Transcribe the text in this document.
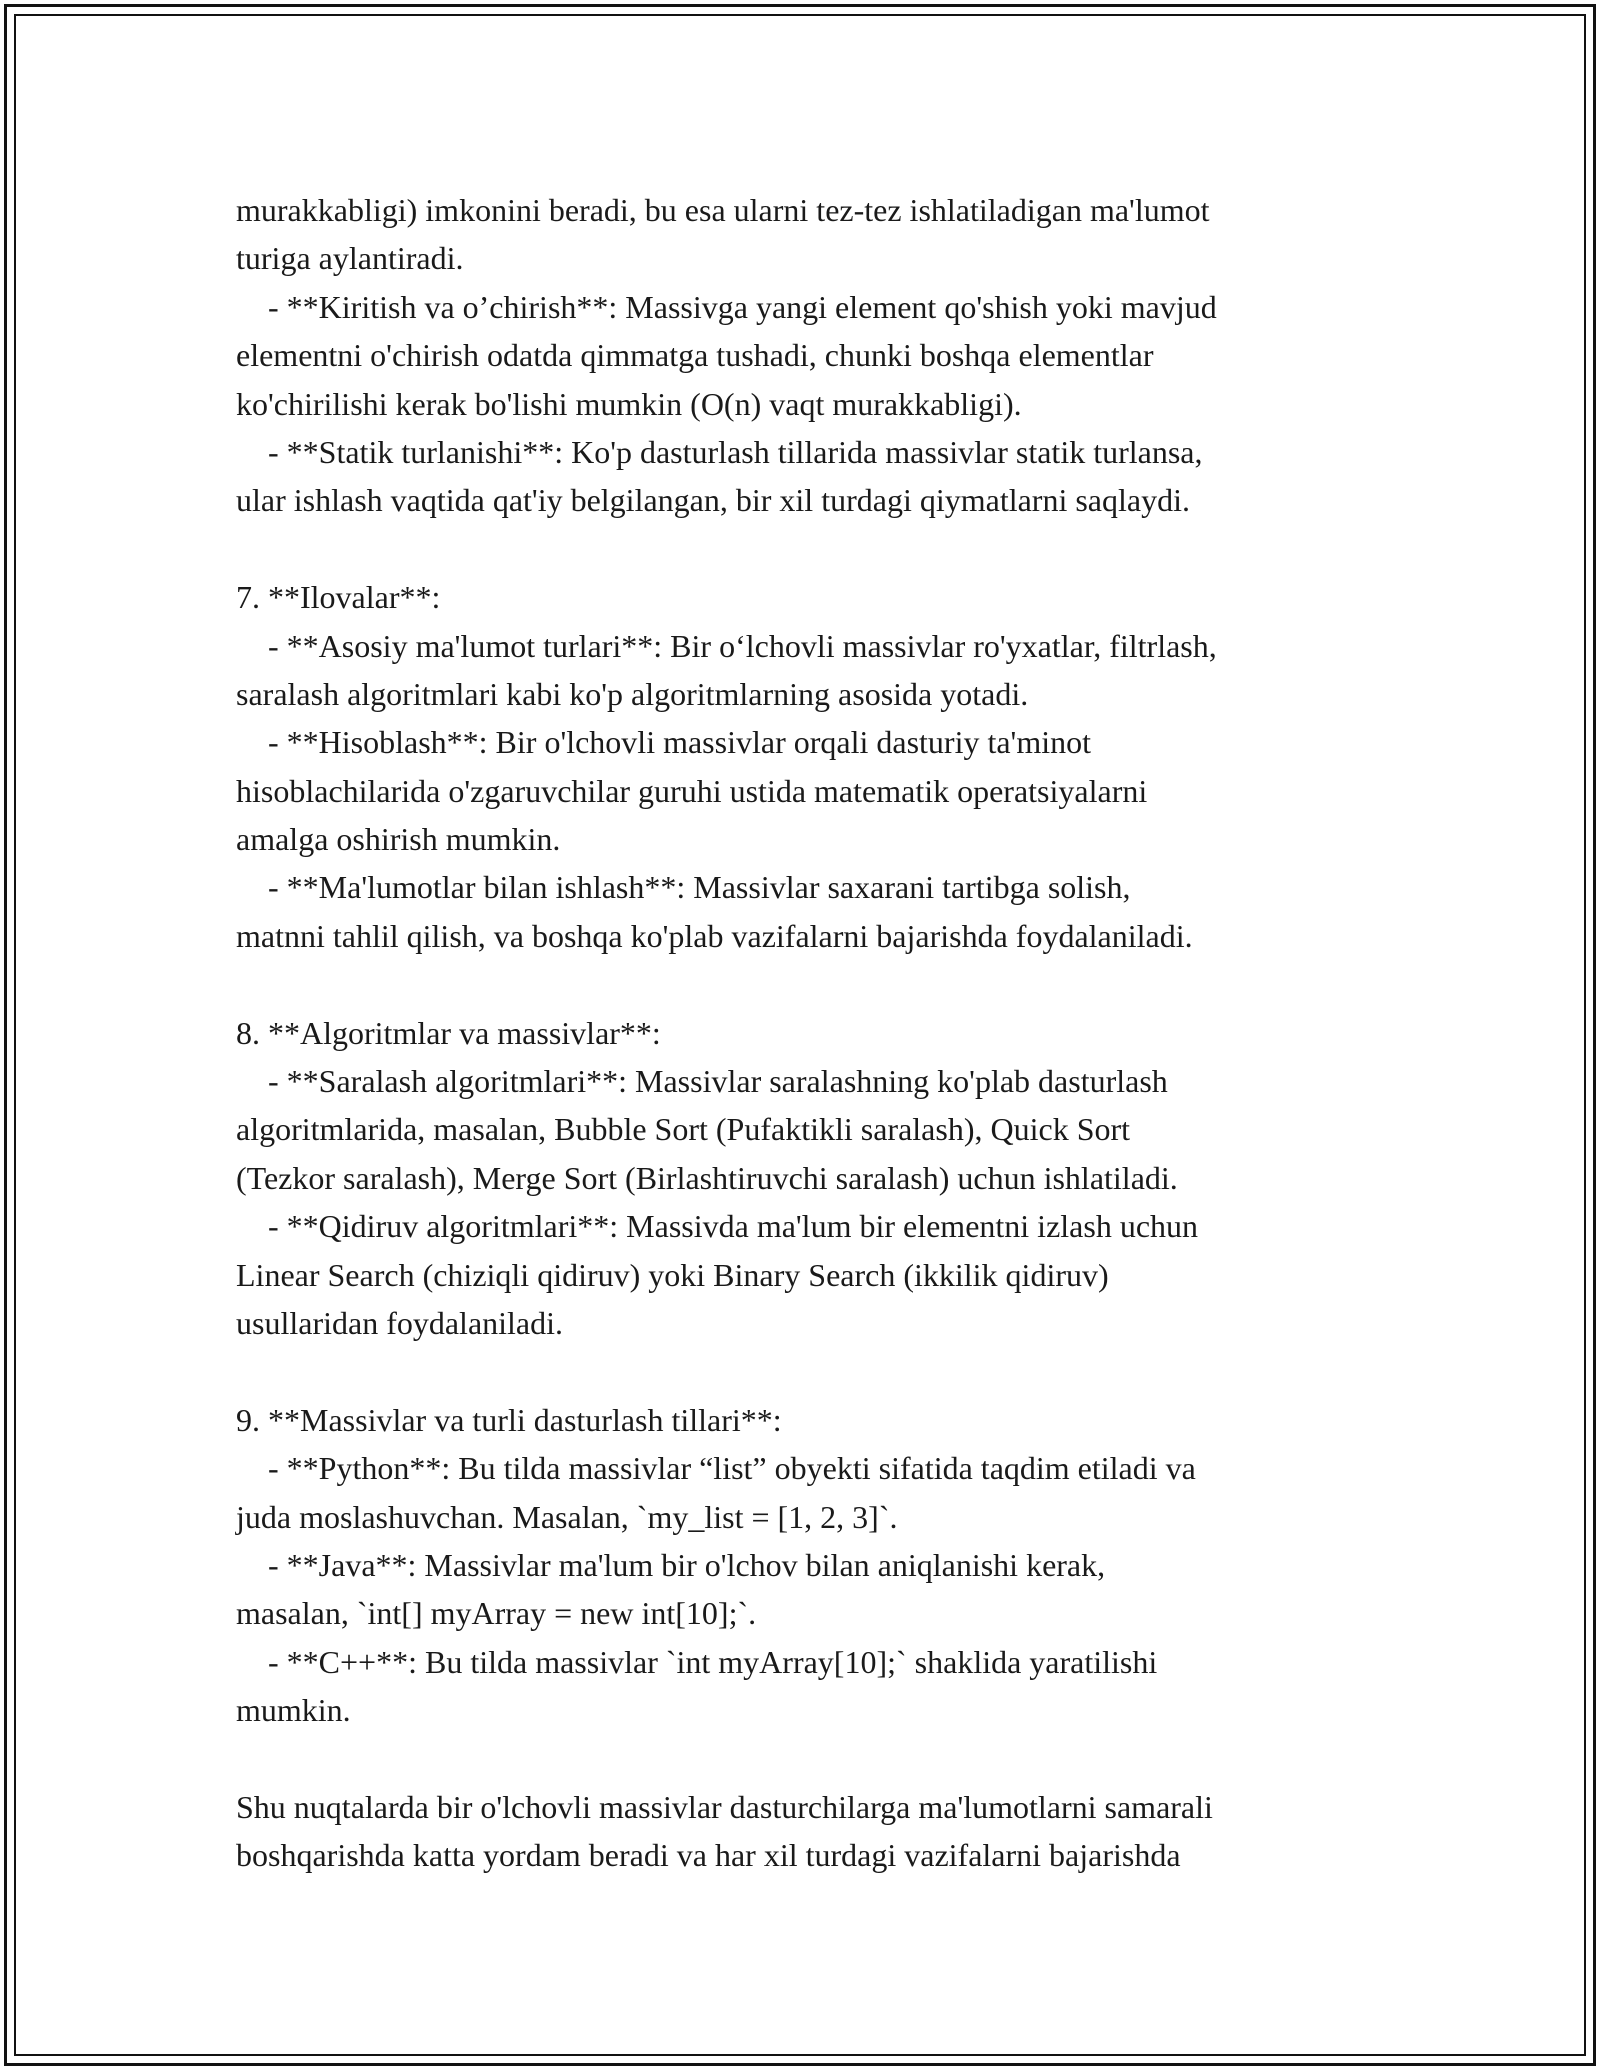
murakkabligi) imkonini beradi, bu esa ularni tez-tez ishlatiladigan ma'lumot
turiga aylantiradi.
- **Kiritish va o’chirish**: Massivga yangi element qo'shish yoki mavjud
elementni o'chirish odatda qimmatga tushadi, chunki boshqa elementlar
ko'chirilishi kerak bo'lishi mumkin (O(n) vaqt murakkabligi).
- **Statik turlanishi**: Ko'p dasturlash tillarida massivlar statik turlansa,
ular ishlash vaqtida qat'iy belgilangan, bir xil turdagi qiymatlarni saqlaydi.
7. **Ilovalar**:
- **Asosiy ma'lumot turlari**: Bir o‘lchovli massivlar ro'yxatlar, filtrlash,
saralash algoritmlari kabi ko'p algoritmlarning asosida yotadi.
- **Hisoblash**: Bir o'lchovli massivlar orqali dasturiy ta'minot
hisoblachilarida o'zgaruvchilar guruhi ustida matematik operatsiyalarni
amalga oshirish mumkin.
- **Ma'lumotlar bilan ishlash**: Massivlar saxarani tartibga solish,
matnni tahlil qilish, va boshqa ko'plab vazifalarni bajarishda foydalaniladi.
8. **Algoritmlar va massivlar**:
- **Saralash algoritmlari**: Massivlar saralashning ko'plab dasturlash
algoritmlarida, masalan, Bubble Sort (Pufaktikli saralash), Quick Sort
(Tezkor saralash), Merge Sort (Birlashtiruvchi saralash) uchun ishlatiladi.
- **Qidiruv algoritmlari**: Massivda ma'lum bir elementni izlash uchun
Linear Search (chiziqli qidiruv) yoki Binary Search (ikkilik qidiruv)
usullaridan foydalaniladi.
9. **Massivlar va turli dasturlash tillari**:
- **Python**: Bu tilda massivlar “list” obyekti sifatida taqdim etiladi va
juda moslashuvchan. Masalan, `my_list = [1, 2, 3]`.
- **Java**: Massivlar ma'lum bir o'lchov bilan aniqlanishi kerak,
masalan, `int[] myArray = new int[10];`.
- **C++**: Bu tilda massivlar `int myArray[10];` shaklida yaratilishi
mumkin.
Shu nuqtalarda bir o'lchovli massivlar dasturchilarga ma'lumotlarni samarali
boshqarishda katta yordam beradi va har xil turdagi vazifalarni bajarishda
